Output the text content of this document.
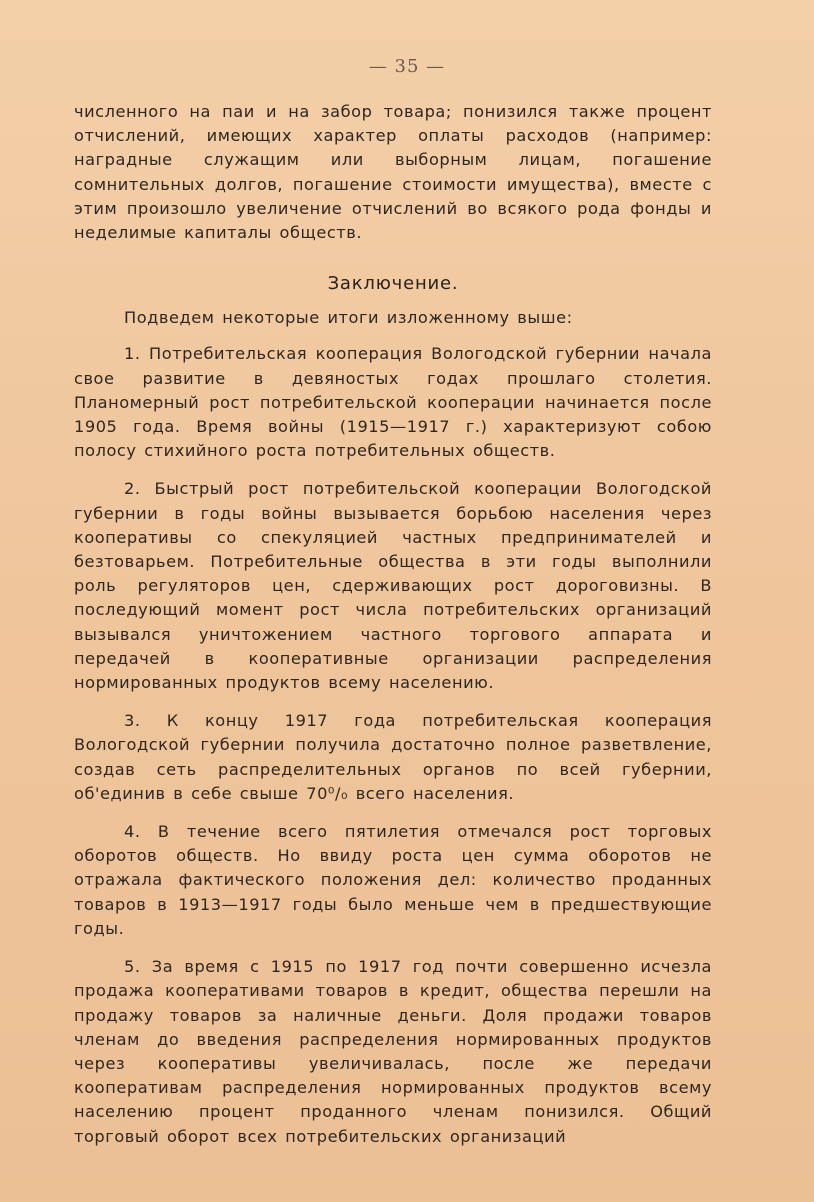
— 35 —

численного на паи и на забор товара; понизился также процент отчислений, имеющих характер оплаты расходов (например: наградные служащим или выборным лицам, погашение сомнительных долгов, погашение стоимости имущества), вместе с этим произошло увеличение отчислений во всякого рода фонды и неделимые капиталы обществ.

Заключение.

Подведем некоторые итоги изложенному выше:

1. Потребительская кооперация Вологодской губернии начала свое развитие в девяностых годах прошлаго столетия. Планомерный рост потребительской кооперации начинается после 1905 года. Время войны (1915—1917 г.) характеризуют собою полосу стихийного роста потребительных обществ.

2. Быстрый рост потребительской кооперации Вологодской губернии в годы войны вызывается борьбою населения через кооперативы со спекуляцией частных предпринимателей и безтоварьем. Потребительные общества в эти годы выполнили роль регуляторов цен, сдерживающих рост дороговизны. В последующий момент рост числа потребительских организаций вызывался уничтожением частного торгового аппарата и передачей в кооперативные организации распределения нормированных продуктов всему населению.

3. К концу 1917 года потребительская кооперация Вологодской губернии получила достаточно полное разветвление, создав сеть распределительных органов по всей губернии, об'единив в себе свыше 70⁰/₀ всего населения.

4. В течение всего пятилетия отмечался рост торговых оборотов обществ. Но ввиду роста цен сумма оборотов не отражала фактического положения дел: количество проданных товаров в 1913—1917 годы было меньше чем в предшествующие годы.

5. За время с 1915 по 1917 год почти совершенно исчезла продажа кооперативами товаров в кредит, общества перешли на продажу товаров за наличные деньги. Доля продажи товаров членам до введения распределения нормированных продуктов через кооперативы увеличивалась, после же передачи кооперативам распределения нормированных продуктов всему населению процент проданного членам понизился. Общий торговый оборот всех потребительских организаций
